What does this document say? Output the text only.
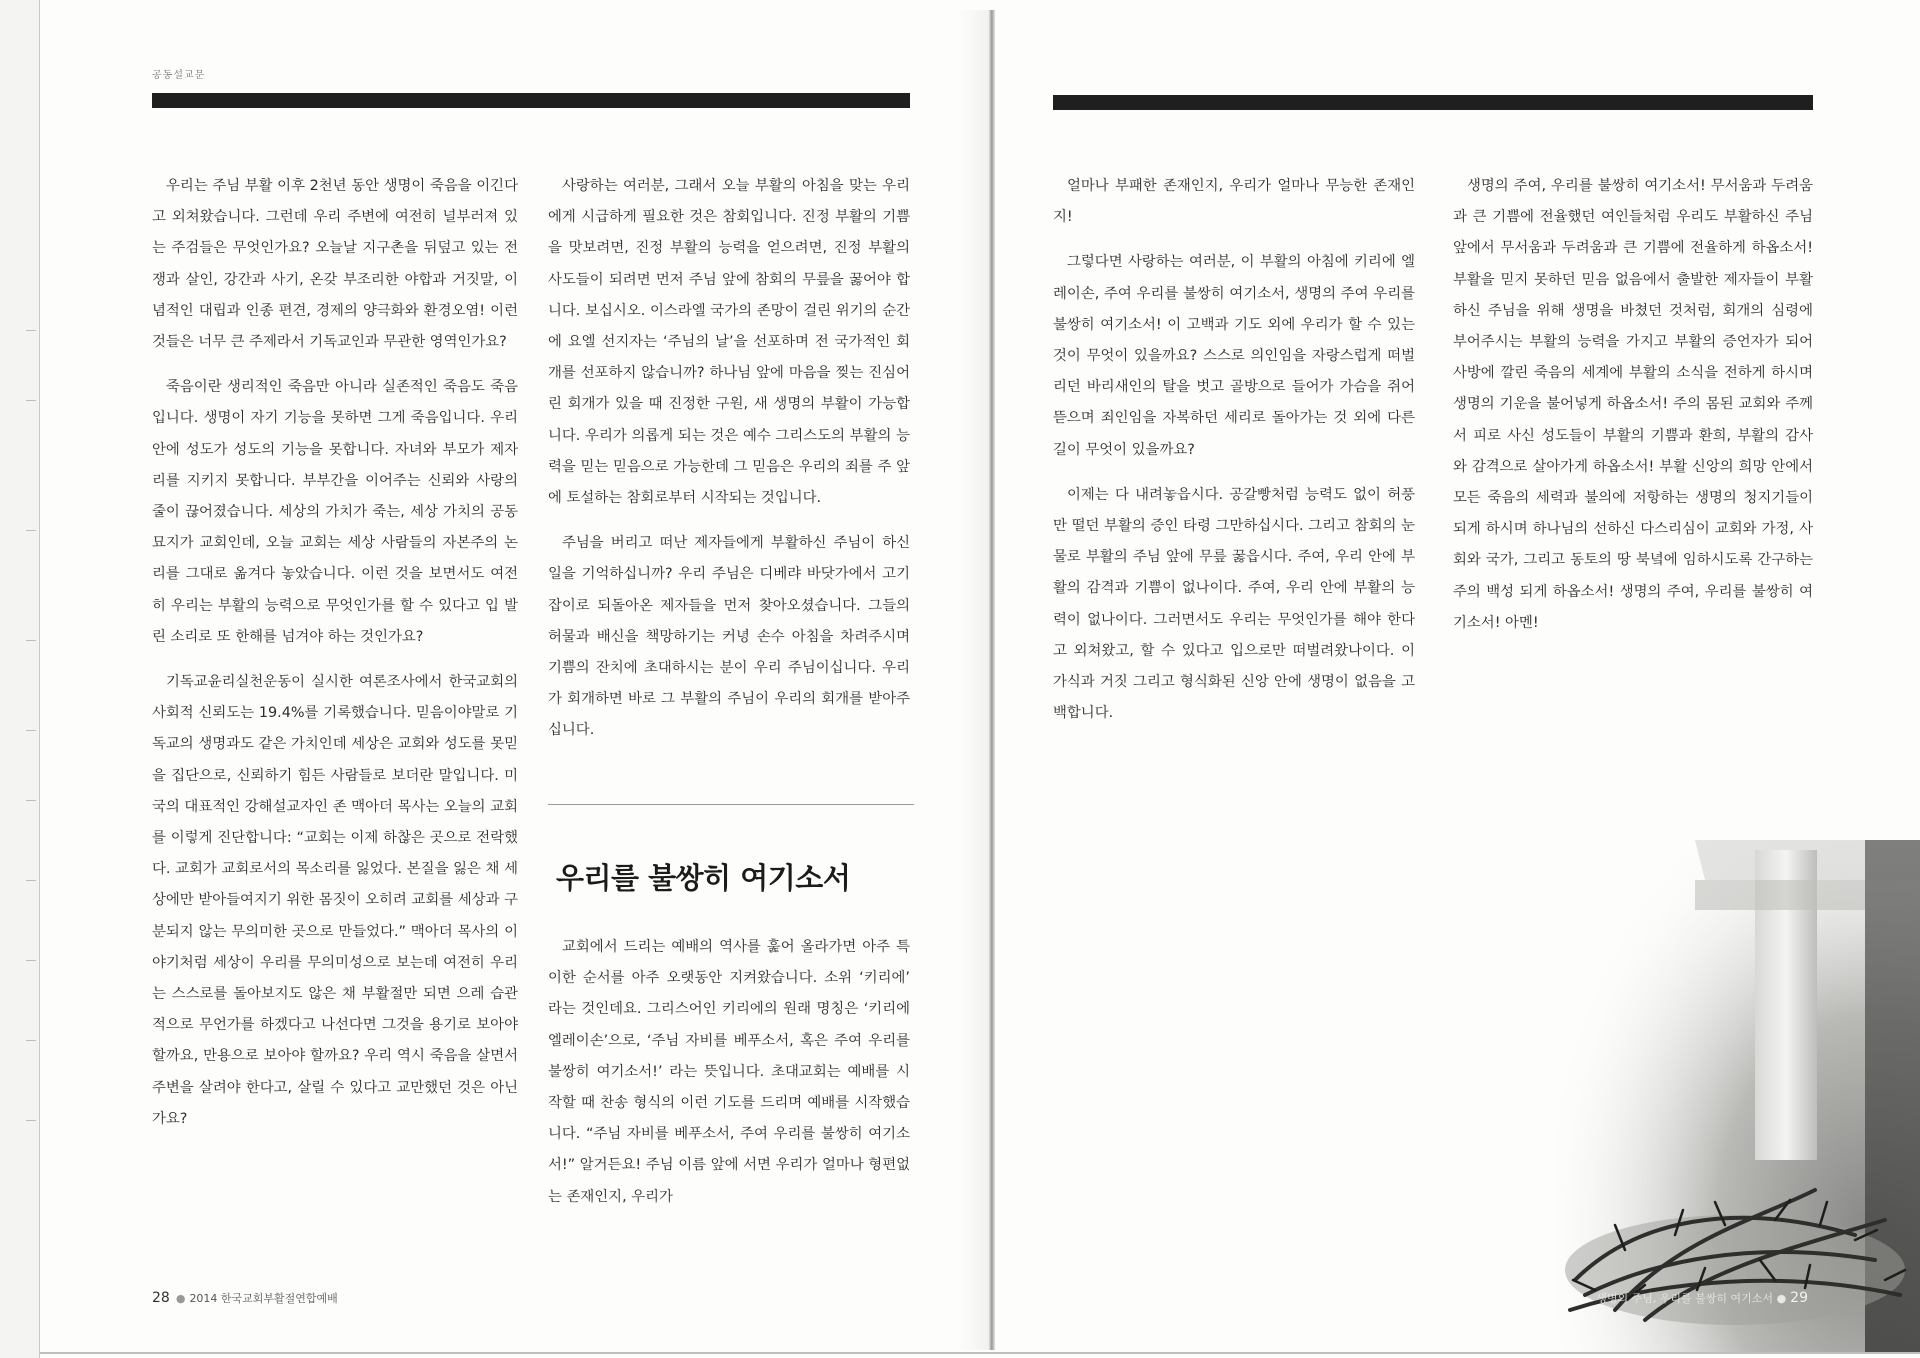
공동설교문

우리는 주님 부활 이후 2천년 동안 생명이 죽음을 이긴다고 외쳐왔습니다. 그런데 우리 주변에 여전히 널부러져 있는 주검들은 무엇인가요? 오늘날 지구촌을 뒤덮고 있는 전쟁과 살인, 강간과 사기, 온갖 부조리한 야합과 거짓말, 이념적인 대립과 인종 편견, 경제의 양극화와 환경오염! 이런 것들은 너무 큰 주제라서 기독교인과 무관한 영역인가요?

죽음이란 생리적인 죽음만 아니라 실존적인 죽음도 죽음입니다. 생명이 자기 기능을 못하면 그게 죽음입니다. 우리 안에 성도가 성도의 기능을 못합니다. 자녀와 부모가 제자리를 지키지 못합니다. 부부간을 이어주는 신뢰와 사랑의 줄이 끊어졌습니다. 세상의 가치가 죽는, 세상 가치의 공동묘지가 교회인데, 오늘 교회는 세상 사람들의 자본주의 논리를 그대로 옮겨다 놓았습니다. 이런 것을 보면서도 여전히 우리는 부활의 능력으로 무엇인가를 할 수 있다고 입 발린 소리로 또 한해를 넘겨야 하는 것인가요?

기독교윤리실천운동이 실시한 여론조사에서 한국교회의 사회적 신뢰도는 19.4%를 기록했습니다. 믿음이야말로 기독교의 생명과도 같은 가치인데 세상은 교회와 성도를 못믿을 집단으로, 신뢰하기 힘든 사람들로 보더란 말입니다. 미국의 대표적인 강해설교자인 존 맥아더 목사는 오늘의 교회를 이렇게 진단합니다: “교회는 이제 하찮은 곳으로 전락했다. 교회가 교회로서의 목소리를 잃었다. 본질을 잃은 채 세상에만 받아들여지기 위한 몸짓이 오히려 교회를 세상과 구분되지 않는 무의미한 곳으로 만들었다.” 맥아더 목사의 이야기처럼 세상이 우리를 무의미성으로 보는데 여전히 우리는 스스로를 돌아보지도 않은 채 부활절만 되면 으레 습관적으로 무언가를 하겠다고 나선다면 그것을 용기로 보아야 할까요, 만용으로 보아야 할까요? 우리 역시 죽음을 살면서 주변을 살려야 한다고, 살릴 수 있다고 교만했던 것은 아닌가요?

사랑하는 여러분, 그래서 오늘 부활의 아침을 맞는 우리에게 시급하게 필요한 것은 참회입니다. 진정 부활의 기쁨을 맛보려면, 진정 부활의 능력을 얻으려면, 진정 부활의 사도들이 되려면 먼저 주님 앞에 참회의 무릎을 꿇어야 합니다. 보십시오. 이스라엘 국가의 존망이 걸린 위기의 순간에 요엘 선지자는 ‘주님의 날’을 선포하며 전 국가적인 회개를 선포하지 않습니까? 하나님 앞에 마음을 찢는 진심어린 회개가 있을 때 진정한 구원, 새 생명의 부활이 가능합니다. 우리가 의롭게 되는 것은 예수 그리스도의 부활의 능력을 믿는 믿음으로 가능한데 그 믿음은 우리의 죄를 주 앞에 토설하는 참회로부터 시작되는 것입니다.

주님을 버리고 떠난 제자들에게 부활하신 주님이 하신 일을 기억하십니까? 우리 주님은 디베랴 바닷가에서 고기잡이로 되돌아온 제자들을 먼저 찾아오셨습니다. 그들의 허물과 배신을 책망하기는 커녕 손수 아침을 차려주시며 기쁨의 잔치에 초대하시는 분이 우리 주님이십니다. 우리가 회개하면 바로 그 부활의 주님이 우리의 회개를 받아주십니다.

우리를 불쌍히 여기소서

교회에서 드리는 예배의 역사를 훑어 올라가면 아주 특이한 순서를 아주 오랫동안 지켜왔습니다. 소위 ‘키리에’ 라는 것인데요. 그리스어인 키리에의 원래 명칭은 ‘키리에 엘레이손’으로, ‘주님 자비를 베푸소서, 혹은 주여 우리를 불쌍히 여기소서!’ 라는 뜻입니다. 초대교회는 예배를 시작할 때 찬송 형식의 이런 기도를 드리며 예배를 시작했습니다. “주님 자비를 베푸소서, 주여 우리를 불쌍히 여기소서!” 알거든요! 주님 이름 앞에 서면 우리가 얼마나 형편없는 존재인지, 우리가

얼마나 부패한 존재인지, 우리가 얼마나 무능한 존재인지!

그렇다면 사랑하는 여러분, 이 부활의 아침에 키리에 엘레이손, 주여 우리를 불쌍히 여기소서, 생명의 주여 우리를 불쌍히 여기소서! 이 고백과 기도 외에 우리가 할 수 있는 것이 무엇이 있을까요? 스스로 의인임을 자랑스럽게 떠벌리던 바리새인의 탈을 벗고 골방으로 들어가 가슴을 쥐어뜯으며 죄인임을 자복하던 세리로 돌아가는 것 외에 다른 길이 무엇이 있을까요?

이제는 다 내려놓읍시다. 공갈빵처럼 능력도 없이 허풍만 떨던 부활의 증인 타령 그만하십시다. 그리고 참회의 눈물로 부활의 주님 앞에 무릎 꿇읍시다. 주여, 우리 안에 부활의 감격과 기쁨이 없나이다. 주여, 우리 안에 부활의 능력이 없나이다. 그러면서도 우리는 무엇인가를 해야 한다고 외쳐왔고, 할 수 있다고 입으로만 떠벌려왔나이다. 이 가식과 거짓 그리고 형식화된 신앙 안에 생명이 없음을 고백합니다.

생명의 주여, 우리를 불쌍히 여기소서! 무서움과 두려움과 큰 기쁨에 전율했던 여인들처럼 우리도 부활하신 주님 앞에서 무서움과 두려움과 큰 기쁨에 전율하게 하옵소서! 부활을 믿지 못하던 믿음 없음에서 출발한 제자들이 부활하신 주님을 위해 생명을 바쳤던 것처럼, 회개의 심령에 부어주시는 부활의 능력을 가지고 부활의 증언자가 되어 사방에 깔린 죽음의 세계에 부활의 소식을 전하게 하시며 생명의 기운을 불어넣게 하옵소서! 주의 몸된 교회와 주께서 피로 사신 성도들이 부활의 기쁨과 환희, 부활의 감사와 감격으로 살아가게 하옵소서! 부활 신앙의 희망 안에서 모든 죽음의 세력과 불의에 저항하는 생명의 청지기들이 되게 하시며 하나님의 선하신 다스리심이 교회와 가정, 사회와 국가, 그리고 동토의 땅 북녘에 임하시도록 간구하는 주의 백성 되게 하옵소서! 생명의 주여, 우리를 불쌍히 여기소서! 아멘!

28 ● 2014 한국교회부활절연합예배	생명의 주님, 우리를 불쌍히 여기소서 ● 29
